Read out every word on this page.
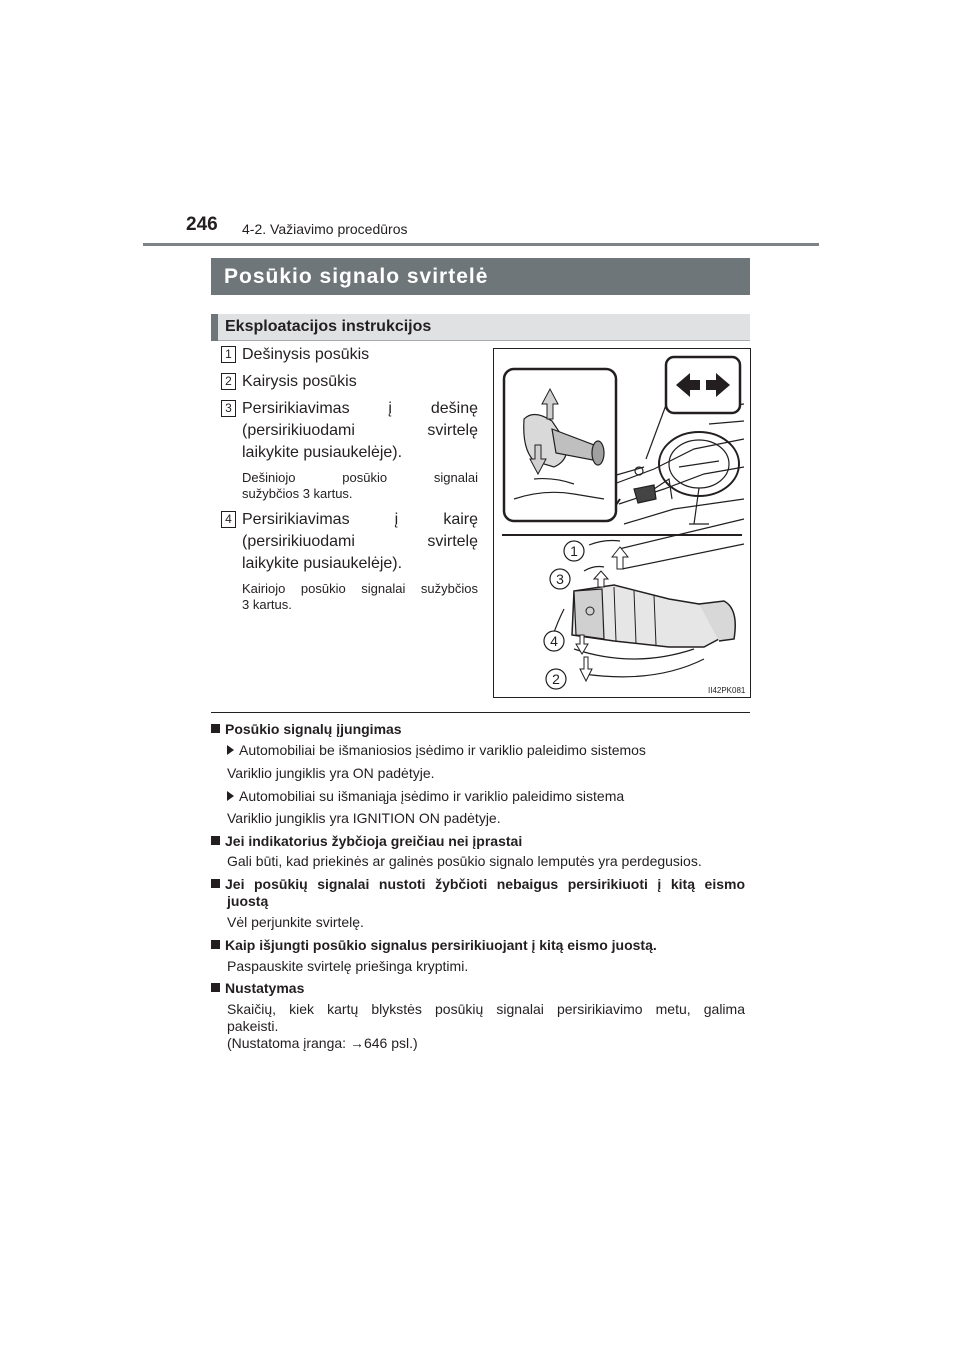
246 4-2. Važiavimo procedūros
Posūkio signalo svirtelė
Eksploatacijos instrukcijos
1 Dešinysis posūkis
2 Kairysis posūkis
3 Persirikiavimas į dešinę
(persirikiuodami svirtelę
laikykite pusiaukelėje).
Dešiniojo posūkio signalai
sužybčios 3 kartus.
4 Persirikiavimas į kairę
(persirikiuodami svirtelę
laikykite pusiaukelėje).
Kairiojo posūkio signalai sužybčios
3 kartus.
1
3
4
2
II42PK081
Posūkio signalų įjungimas
Automobiliai be išmaniosios įsėdimo ir variklio paleidimo sistemos
Variklio jungiklis yra ON padėtyje.
Automobiliai su išmaniąja įsėdimo ir variklio paleidimo sistema
Variklio jungiklis yra IGNITION ON padėtyje.
Jei indikatorius žybčioja greičiau nei įprastai
Gali būti, kad priekinės ar galinės posūkio signalo lemputės yra perdegusios.
Jei posūkių signalai nustoti žybčioti nebaigus persirikiuoti į kitą eismo
juostą
Vėl perjunkite svirtelę.
Kaip išjungti posūkio signalus persirikiuojant į kitą eismo juostą.
Paspauskite svirtelę priešinga kryptimi.
Nustatymas
Skaičių, kiek kartų blykstės posūkių signalai persirikiavimo metu, galima
pakeisti.
(Nustatoma įranga: →646 psl.)
